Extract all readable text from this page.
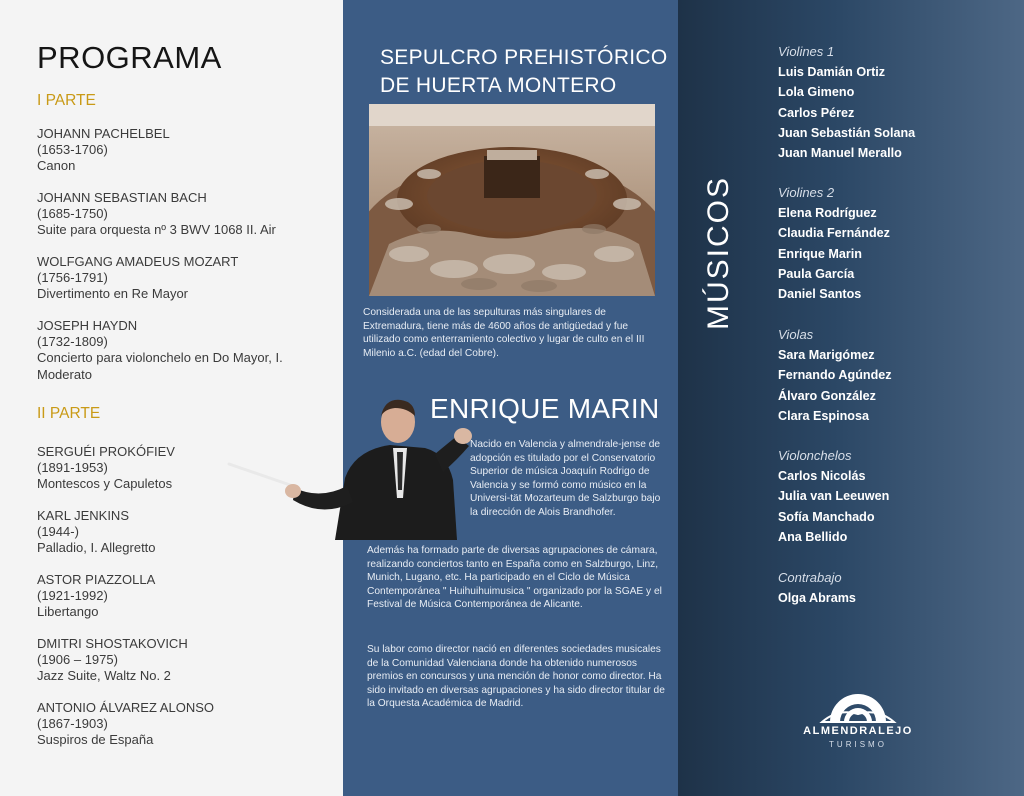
PROGRAMA
I PARTE
JOHANN PACHELBEL
(1653-1706)
Canon
JOHANN SEBASTIAN BACH
(1685-1750)
Suite para orquesta nº 3 BWV 1068 II. Air
WOLFGANG AMADEUS MOZART
(1756-1791)
Divertimento en Re Mayor
JOSEPH HAYDN
(1732-1809)
Concierto para violonchelo en Do Mayor, I. Moderato
II PARTE
SERGUÉI PROKÓFIEV
(1891-1953)
Montescos y Capuletos
KARL JENKINS
(1944-)
Palladio, I. Allegretto
ASTOR PIAZZOLLA
(1921-1992)
Libertango
DMITRI SHOSTAKOVICH
(1906 – 1975)
Jazz Suite, Waltz No. 2
ANTONIO ÁLVAREZ ALONSO
(1867-1903)
Suspiros de España
SEPULCRO PREHISTÓRICO
DE HUERTA MONTERO
Considerada una de las sepulturas más singulares de Extremadura, tiene más de 4600 años de antigüedad y fue utilizado como enterramiento colectivo y lugar de culto en el III Milenio a.C. (edad del Cobre).
ENRIQUE MARIN
Nacido en Valencia y almendrale-jense de adopción es titulado por el Conservatorio Superior de música Joaquín Rodrigo de Valencia y se formó como músico en la Universi-tät Mozarteum de Salzburgo bajo la dirección de Alois Brandhofer.
Además ha formado parte de diversas agrupaciones de cámara, realizando conciertos tanto en España como en Salzburgo, Linz, Munich, Lugano, etc. Ha participado en el Ciclo de Música Contemporánea " Huihuihuimusica " organizado por la SGAE y el Festival de Música Contemporánea de Alicante.
Su labor como director nació en diferentes sociedades musicales de la Comunidad Valenciana donde ha obtenido numerosos premios en concursos y una mención de honor como director. Ha sido invitado en diversas agrupaciones y ha sido director titular de la Orquesta Académica de Madrid.
MÚSICOS
Violines 1
Luis Damián Ortiz
Lola Gimeno
Carlos Pérez
Juan Sebastián Solana
Juan Manuel Merallo
Violines 2
Elena Rodríguez
Claudia Fernández
Enrique Marin
Paula García
Daniel Santos
Violas
Sara Marigómez
Fernando Agúndez
Álvaro González
Clara Espinosa
Violonchelos
Carlos Nicolás
Julia van Leeuwen
Sofía Manchado
Ana Bellido
Contrabajo
Olga Abrams
ALMENDRALEJO
TURISMO
